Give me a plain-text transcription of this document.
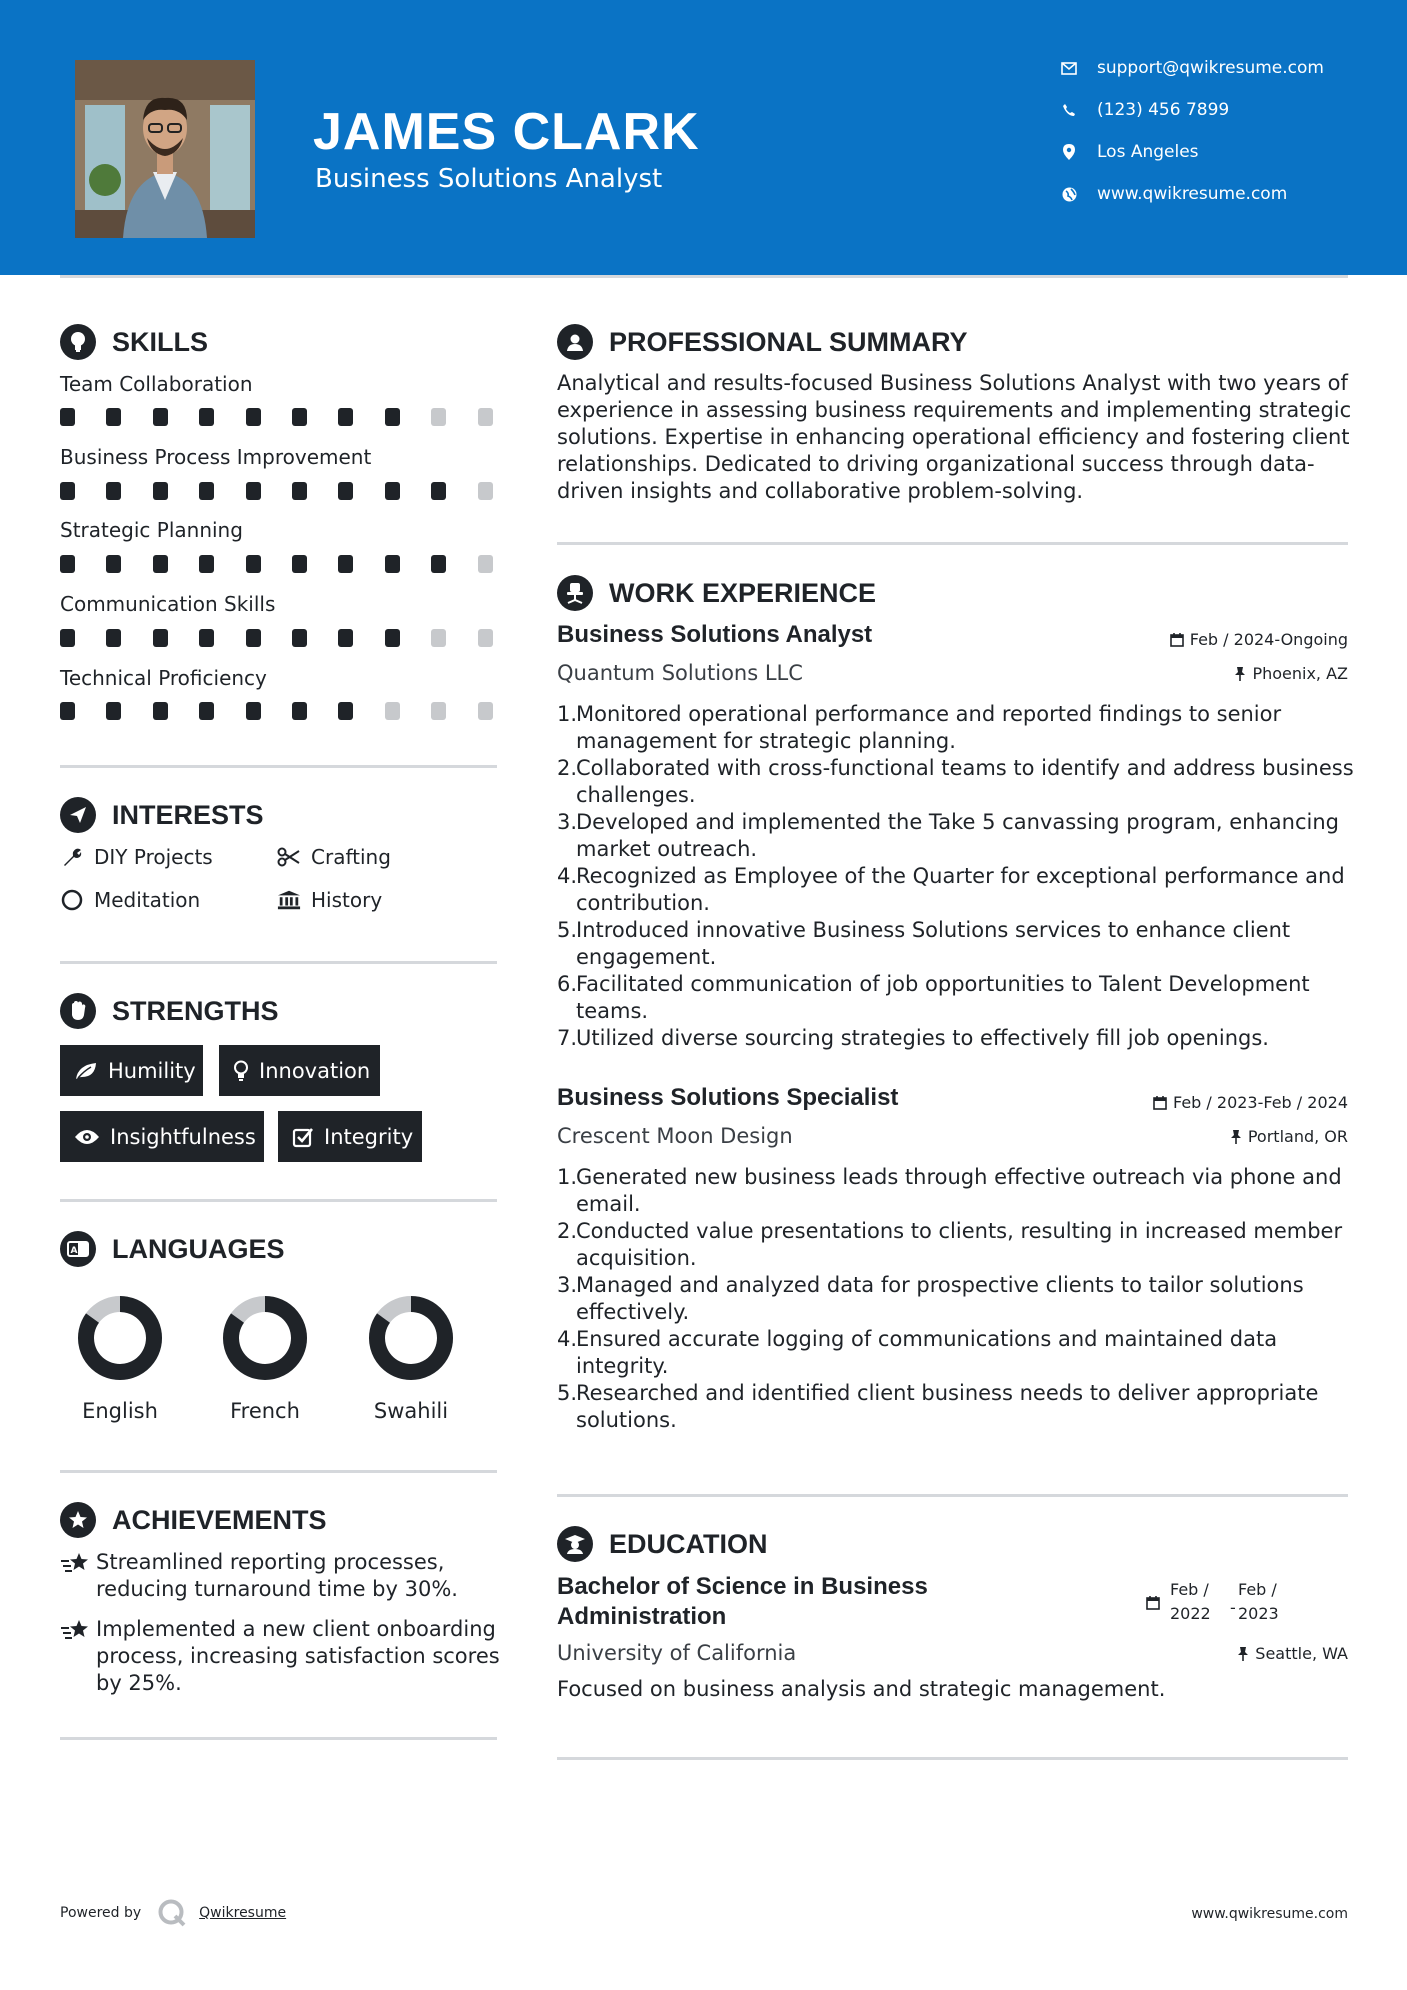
JAMES CLARK
Business Solutions Analyst
support@qwikresume.com
(123) 456 7899
Los Angeles
www.qwikresume.com
SKILLS
Team Collaboration
Business Process Improvement
Strategic Planning
Communication Skills
Technical Proficiency
INTERESTS
DIY Projects	Crafting
Meditation	History
STRENGTHS
Humility	Innovation
Insightfulness	Integrity
A LANGUAGES
English	French	Swahili
ACHIEVEMENTS
Streamlined reporting processes, reducing turnaround time by 30%.
Implemented a new client onboarding process, increasing satisfaction scores by 25%.
PROFESSIONAL SUMMARY
Analytical and results-focused Business Solutions Analyst with two years of experience in assessing business requirements and implementing strategic solutions. Expertise in enhancing operational efficiency and fostering client relationships. Dedicated to driving organizational success through data-driven insights and collaborative problem-solving.
WORK EXPERIENCE
Business Solutions Analyst	Feb / 2024-Ongoing
Quantum Solutions LLC	Phoenix, AZ
1.
Monitored operational performance and reported findings to senior management for strategic planning.
2.
Collaborated with cross-functional teams to identify and address business challenges.
3.
Developed and implemented the Take 5 canvassing program, enhancing market outreach.
4.
Recognized as Employee of the Quarter for exceptional performance and contribution.
5.
Introduced innovative Business Solutions services to enhance client engagement.
6.
Facilitated communication of job opportunities to Talent Development teams.
7.
Utilized diverse sourcing strategies to effectively fill job openings.
Business Solutions Specialist	Feb / 2023-Feb / 2024
Crescent Moon Design	Portland, OR
1.
Generated new business leads through effective outreach via phone and email.
2.
Conducted value presentations to clients, resulting in increased member acquisition.
3.
Managed and analyzed data for prospective clients to tailor solutions effectively.
4.
Ensured accurate logging of communications and maintained data integrity.
5.
Researched and identified client business needs to deliver appropriate solutions.
EDUCATION
Bachelor of Science in Business
Administration
Feb /
2022	-
Feb /
2023
University of California	Seattle, WA
Focused on business analysis and strategic management.
Powered by	Qwikresume	www.qwikresume.com
